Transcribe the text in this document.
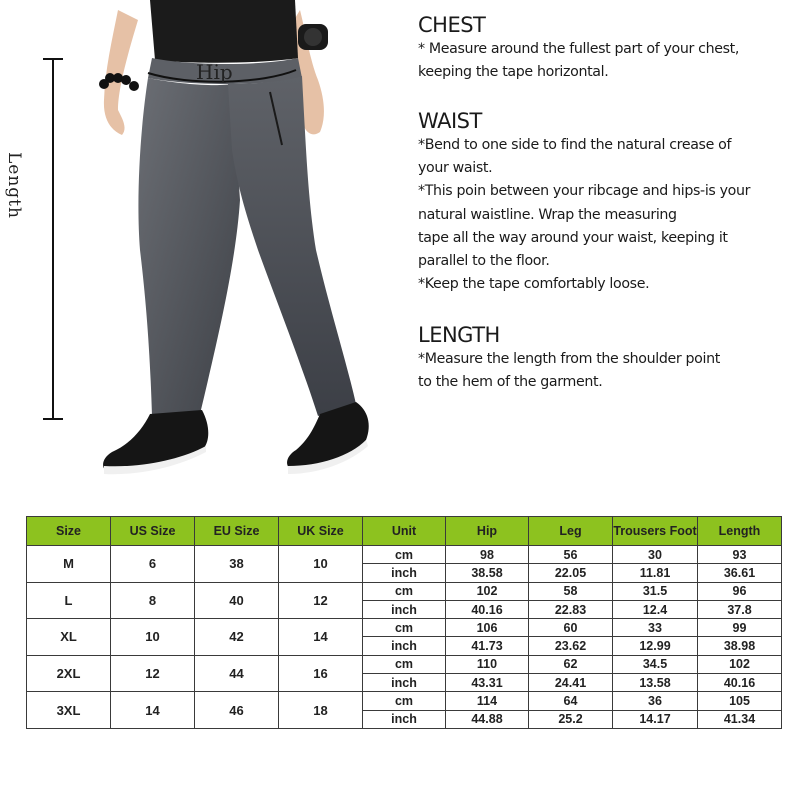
Hip
Length
CHEST

* Measure around the fullest part of your chest,

keeping the tape horizontal.

WAIST

*Bend to one side to find the natural crease of

your waist.

*This poin between your ribcage and hips-is your

natural waistline. Wrap the measuring

tape all the way around your waist, keeping it

parallel to the floor.

*Keep the tape comfortably loose.

LENGTH

*Measure the length from the shoulder point

to the hem of the garment.

Size	US Size	EU Size	UK Size	Unit	Hip	Leg	Trousers Foot	Length
M	6	38	10	cm	98	56	30	93
				inch	38.58	22.05	11.81	36.61
L	8	40	12	cm	102	58	31.5	96
				inch	40.16	22.83	12.4	37.8
XL	10	42	14	cm	106	60	33	99
				inch	41.73	23.62	12.99	38.98
2XL	12	44	16	cm	110	62	34.5	102
				inch	43.31	24.41	13.58	40.16
3XL	14	46	18	cm	114	64	36	105
				inch	44.88	25.2	14.17	41.34
